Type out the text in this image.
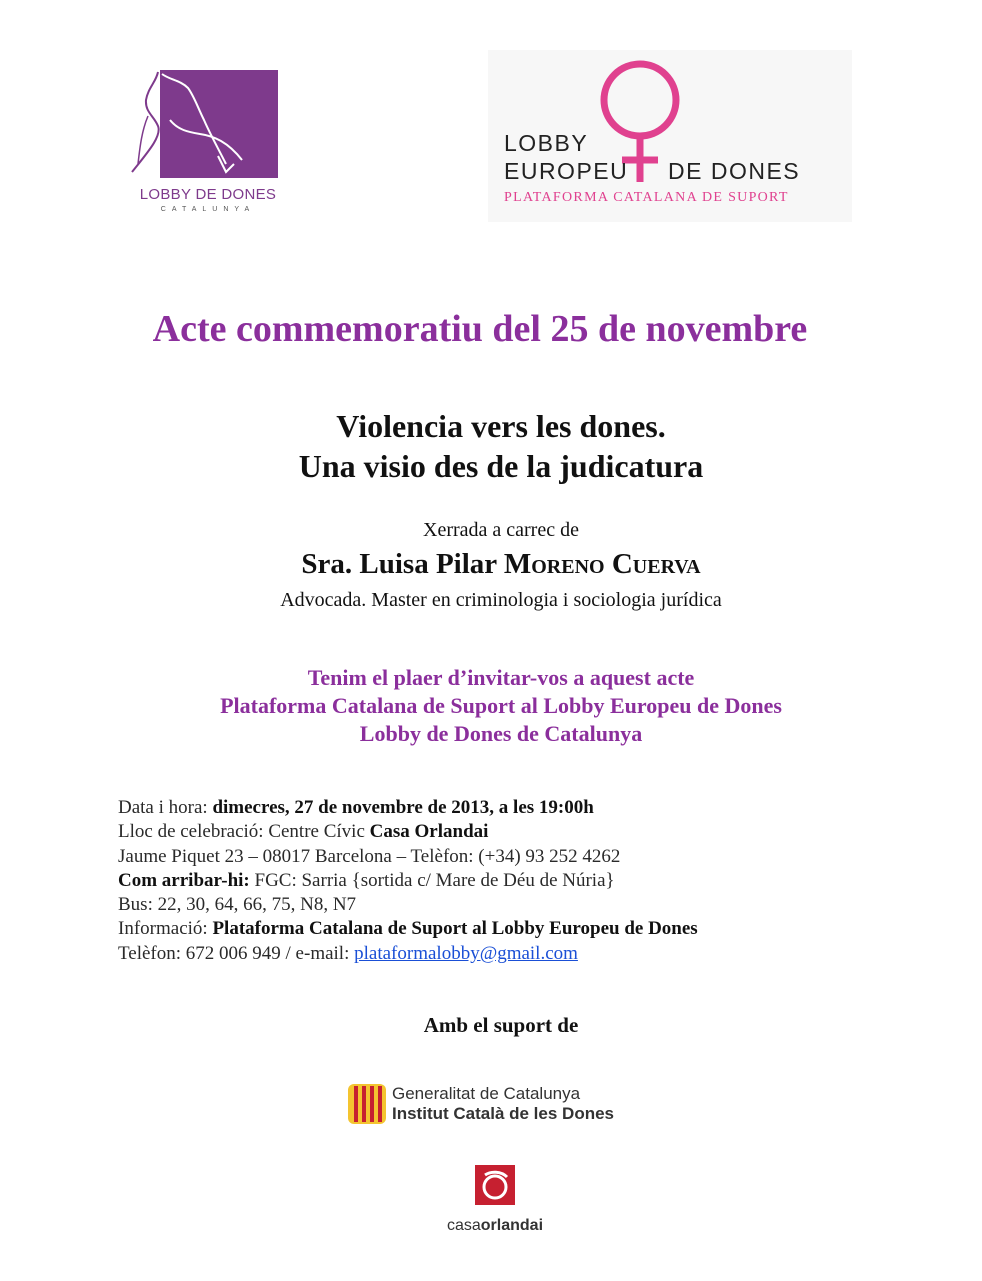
LOBBY DE DONES
CATALUNYA
LOBBY
EUROPEU DE DONES
PLATAFORMA CATALANA DE SUPORT
Acte commemoratiu del 25 de novembre
Violencia vers les dones.
Una visio des de la judicatura
Xerrada a carrec de
Sra. Luisa Pilar Moreno Cuerva
Advocada. Master en criminologia i sociologia jurídica
Tenim el plaer d’invitar-vos a aquest acte
Plataforma Catalana de Suport al Lobby Europeu de Dones
Lobby de Dones de Catalunya
Data i hora: dimecres, 27 de novembre de 2013, a les 19:00h
Lloc de celebració: Centre Cívic Casa Orlandai
Jaume Piquet 23 – 08017 Barcelona – Telèfon: (+34) 93 252 4262
Com arribar-hi: FGC: Sarria {sortida c/ Mare de Déu de Núria}
Bus: 22, 30, 64, 66, 75, N8, N7
Informació: Plataforma Catalana de Suport al Lobby Europeu de Dones
Telèfon: 672 006 949 / e-mail: plataformalobby@gmail.com
Amb el suport de
Generalitat de Catalunya
Institut Català de les Dones
casaorlandai
